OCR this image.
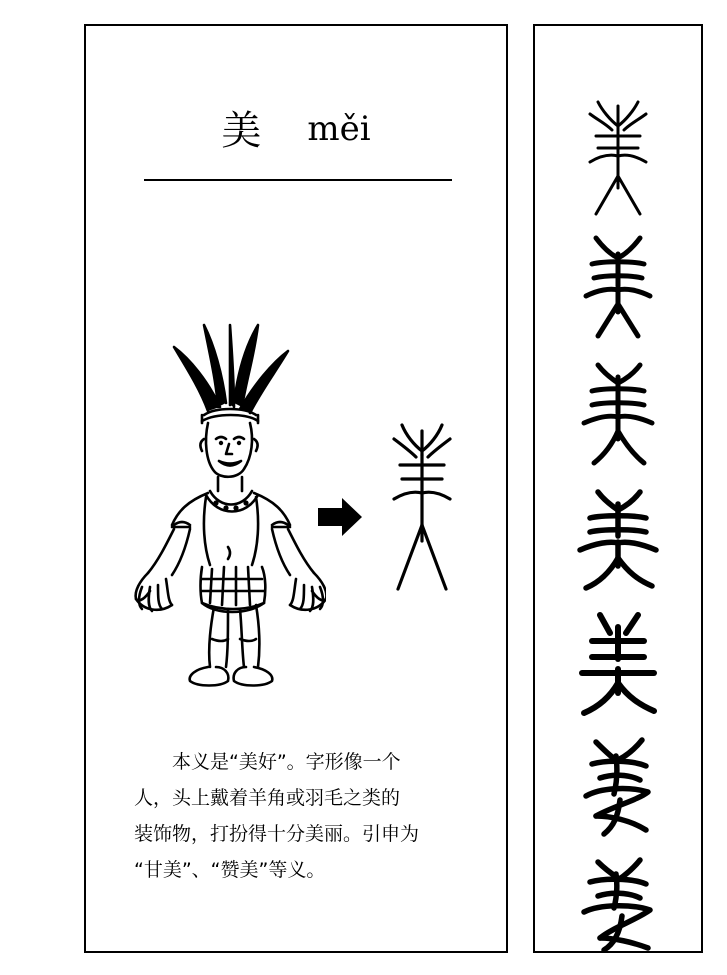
美 měi
本义是“美好”。字形像一个
人，头上戴着羊角或羽毛之类的
装饰物，打扮得十分美丽。引申为
“甘美”、“赞美”等义。
